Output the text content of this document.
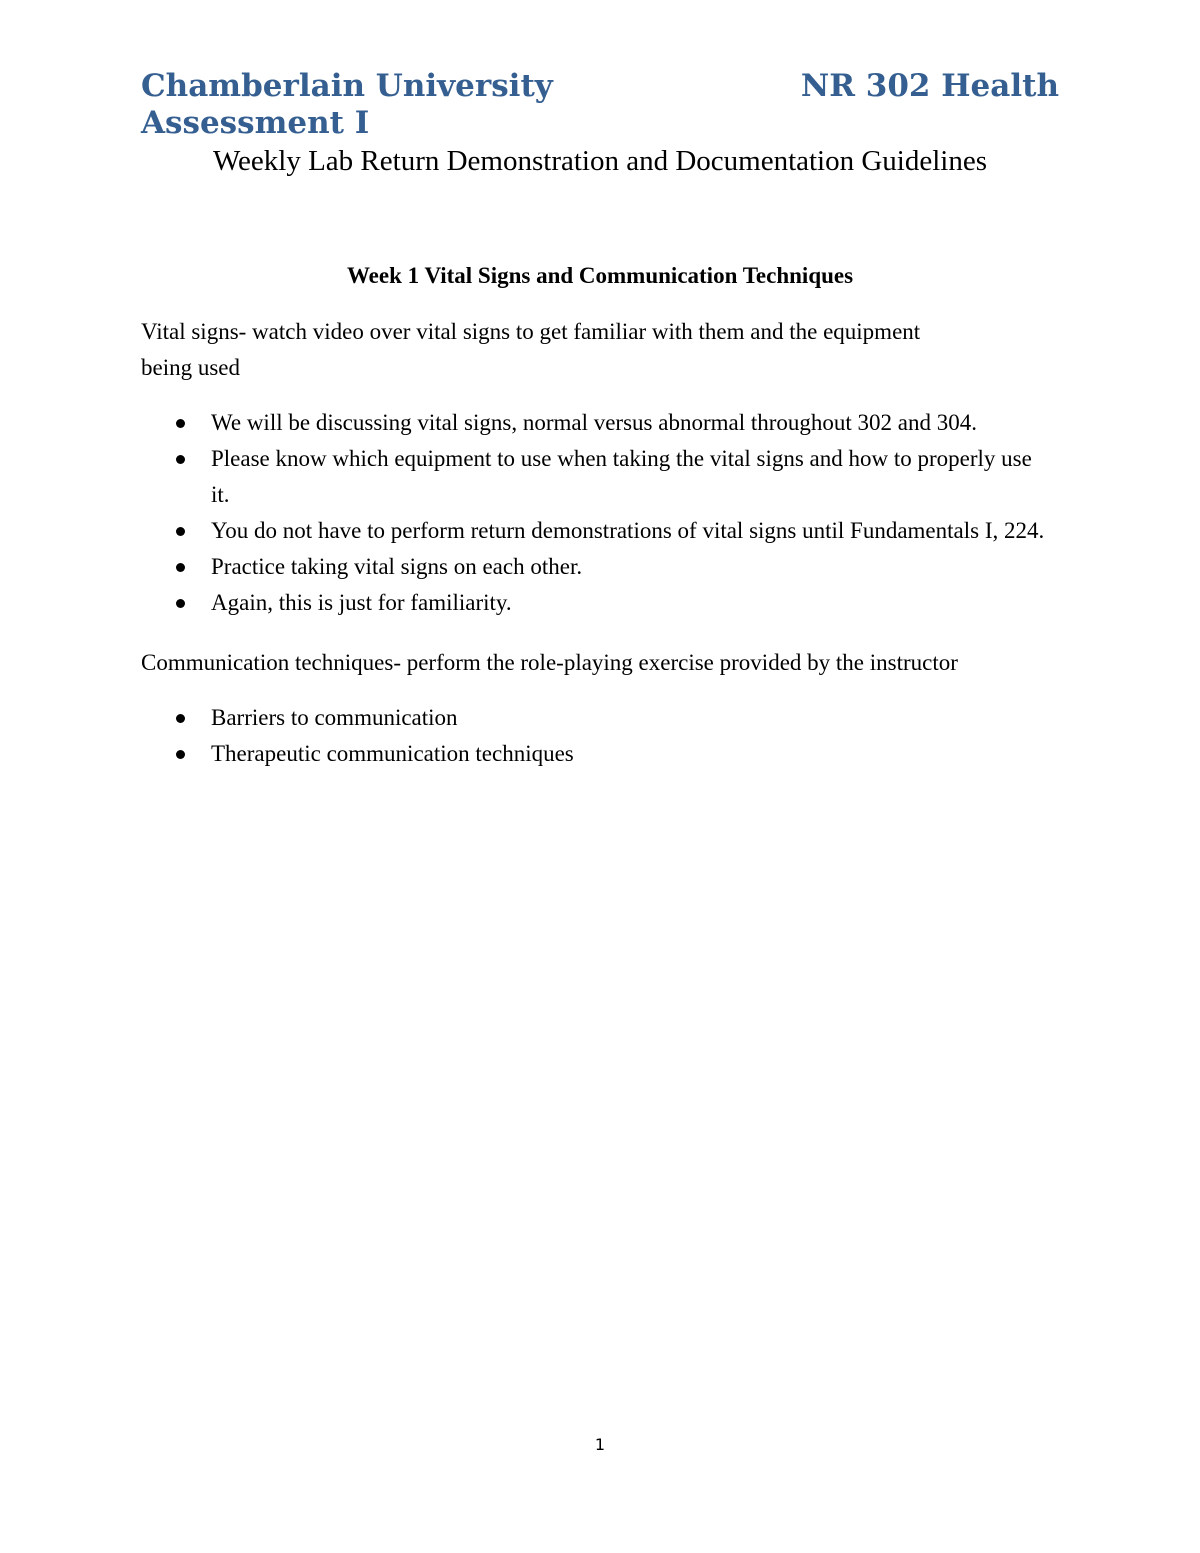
Chamberlain University	NR 302 Health
Assessment I
Weekly Lab Return Demonstration and Documentation Guidelines
Week 1 Vital Signs and Communication Techniques
Vital signs- watch video over vital signs to get familiar with them and the equipment being used
We will be discussing vital signs, normal versus abnormal throughout 302 and 304.
Please know which equipment to use when taking the vital signs and how to properly use it.
You do not have to perform return demonstrations of vital signs until Fundamentals I, 224.
Practice taking vital signs on each other.
Again, this is just for familiarity.
Communication techniques- perform the role-playing exercise provided by the instructor
Barriers to communication
Therapeutic communication techniques
1
